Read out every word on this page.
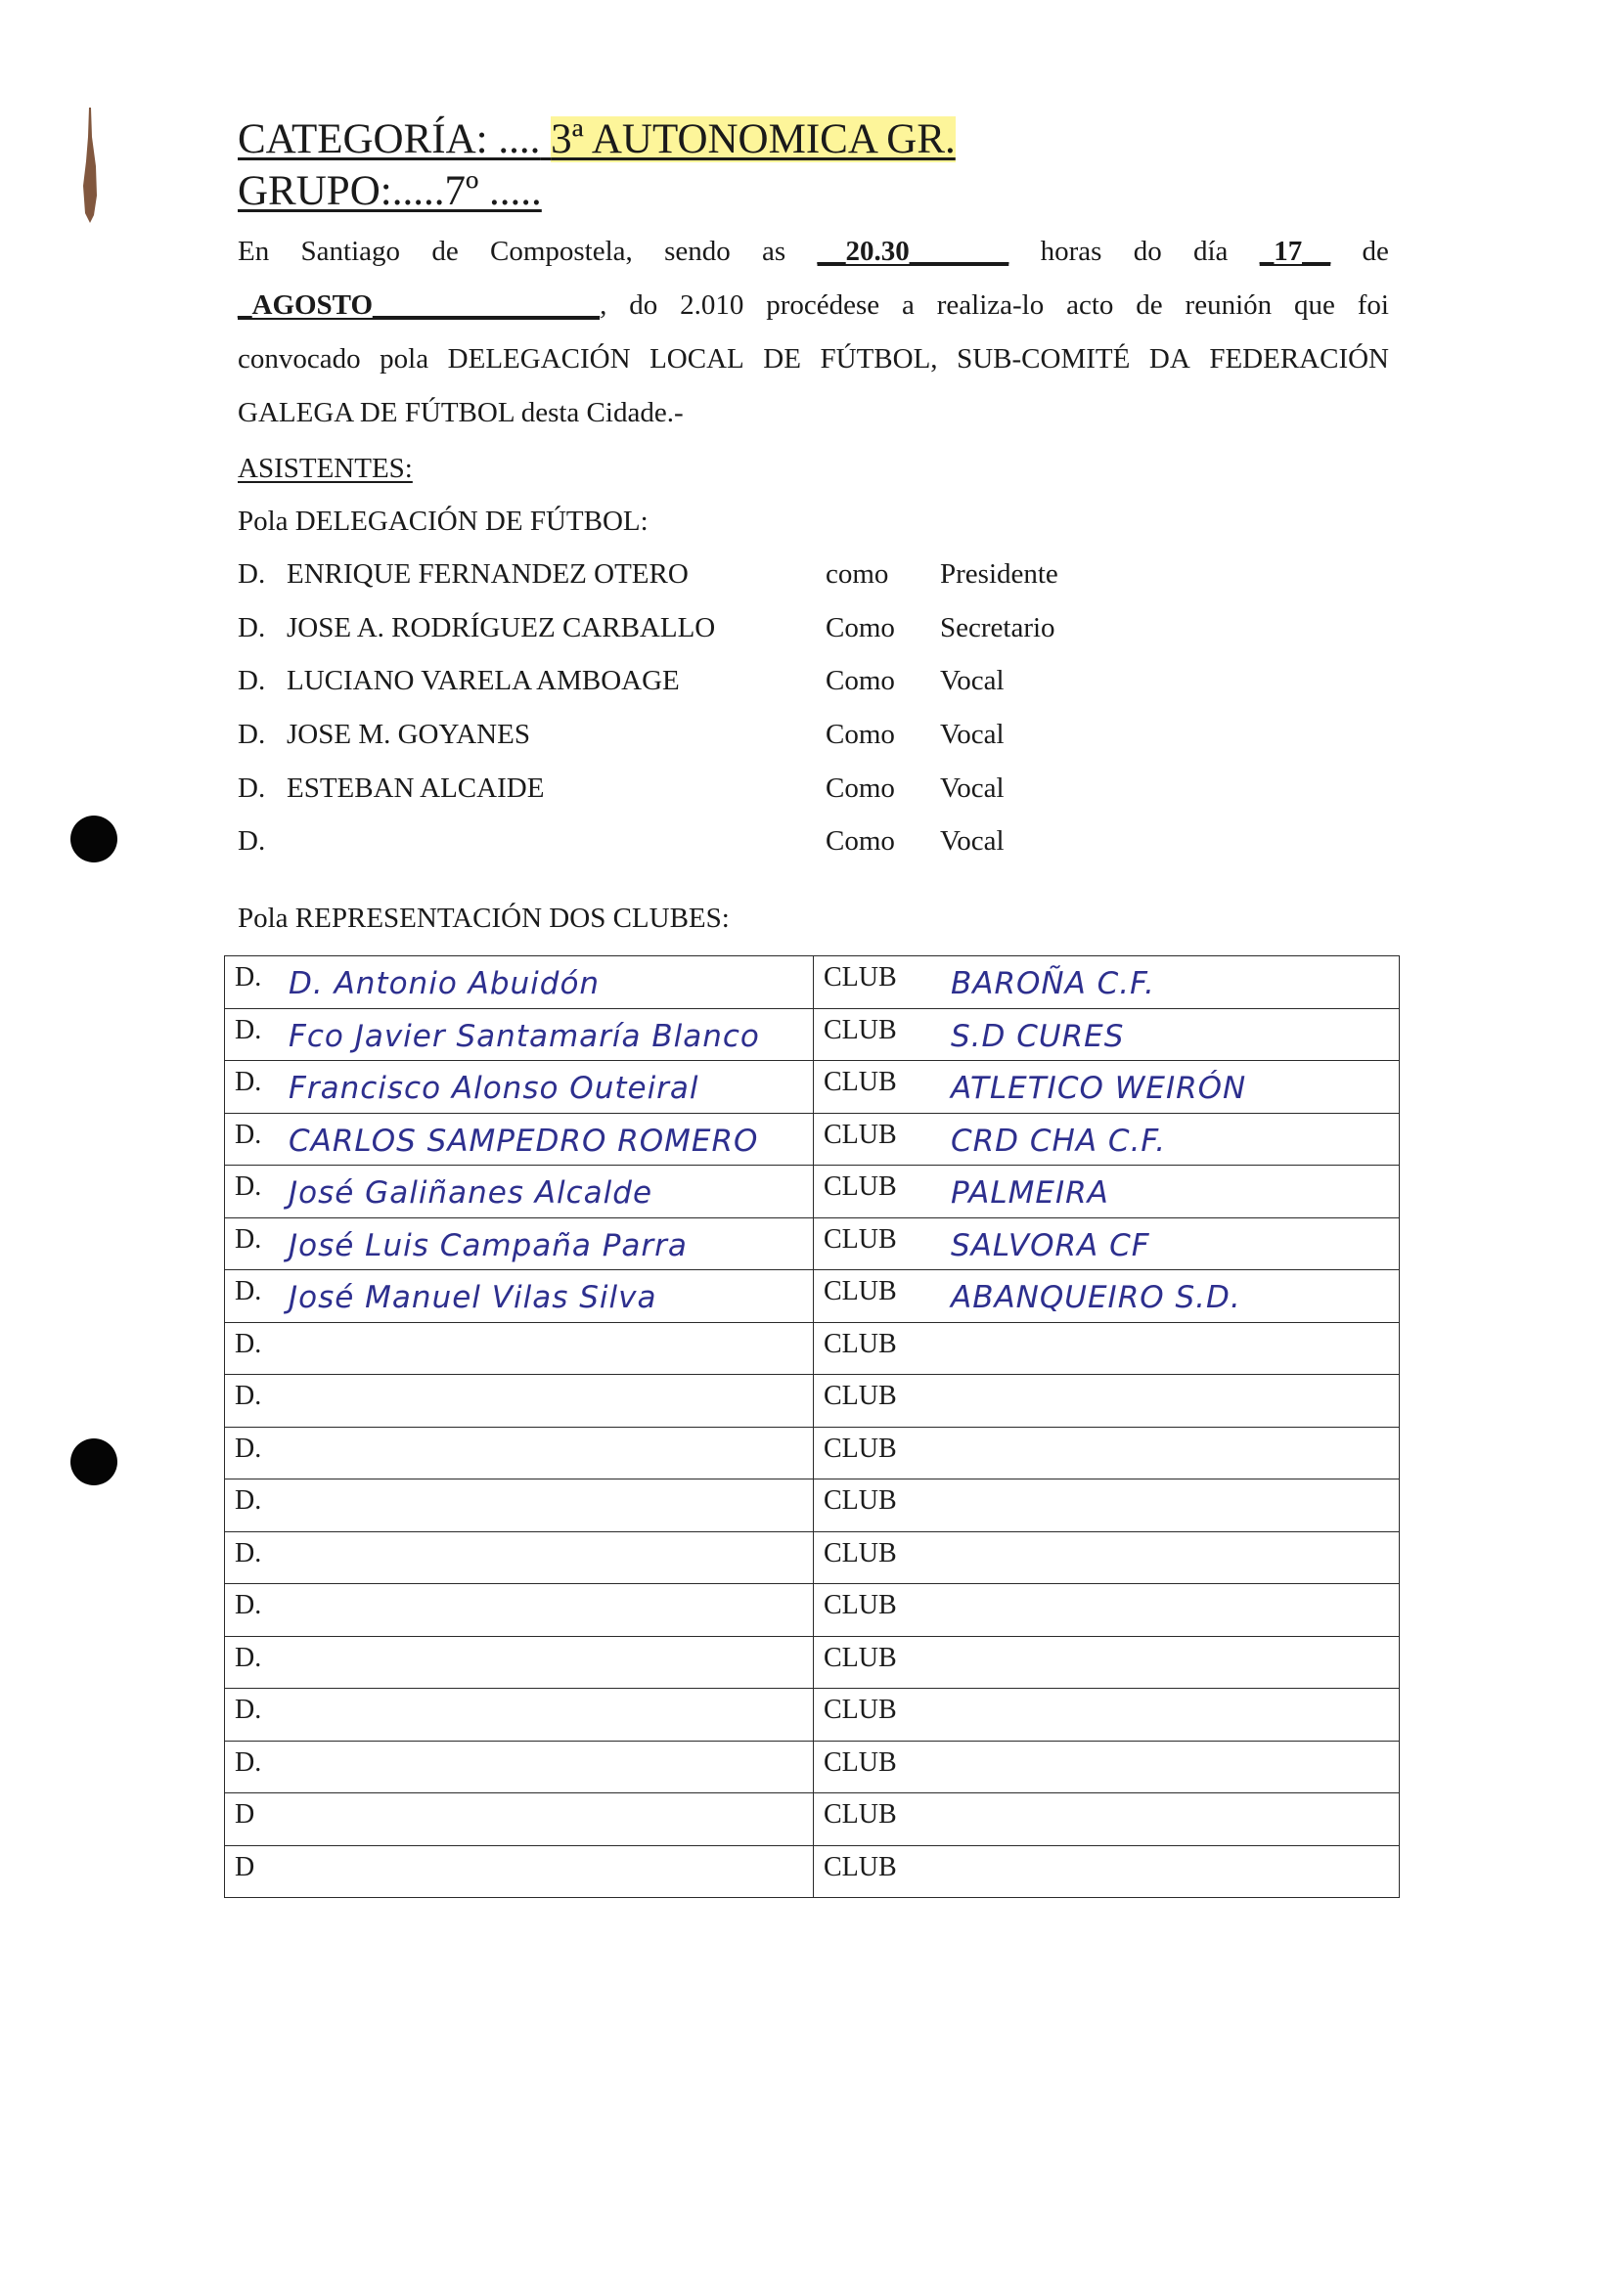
CATEGORÍA: .... 3ª AUTONOMICA GR.
GRUPO:.....7º .....
En Santiago de Compostela, sendo as __20.30_______ horas do día _17__ de
_AGOSTO________________, do 2.010 procédese a realiza-lo acto de reunión que foi
convocado pola DELEGACIÓN LOCAL DE FÚTBOL, SUB-COMITÉ DA FEDERACIÓN
GALEGA DE FÚTBOL desta Cidade.-
ASISTENTES:
Pola DELEGACIÓN DE FÚTBOL:
D. ENRIQUE FERNANDEZ OTERO	como Presidente
D. JOSE A. RODRÍGUEZ CARBALLO	Como Secretario
D. LUCIANO VARELA AMBOAGE	Como Vocal
D. JOSE M. GOYANES	Como Vocal
D. ESTEBAN ALCAIDE	Como Vocal
D.	Como Vocal
Pola REPRESENTACIÓN DOS CLUBES:
D. D. Antonio Abuidón	CLUB BAROÑA C.F.

D. Fco Javier Santamaría Blanco	CLUB S.D CURES

D. Francisco Alonso Outeiral	CLUB ATLETICO WEIRÓN

D. CARLOS SAMPEDRO ROMERO	CLUB CRD CHA C.F.

D. José Galiñanes Alcalde	CLUB PALMEIRA

D. José Luis Campaña Parra	CLUB SALVORA CF

D. José Manuel Vilas Silva	CLUB ABANQUEIRO S.D.

D.	CLUB

D.	CLUB

D.	CLUB

D.	CLUB

D.	CLUB

D.	CLUB

D.	CLUB

D.	CLUB

D.	CLUB

D	CLUB

D	CLUB
